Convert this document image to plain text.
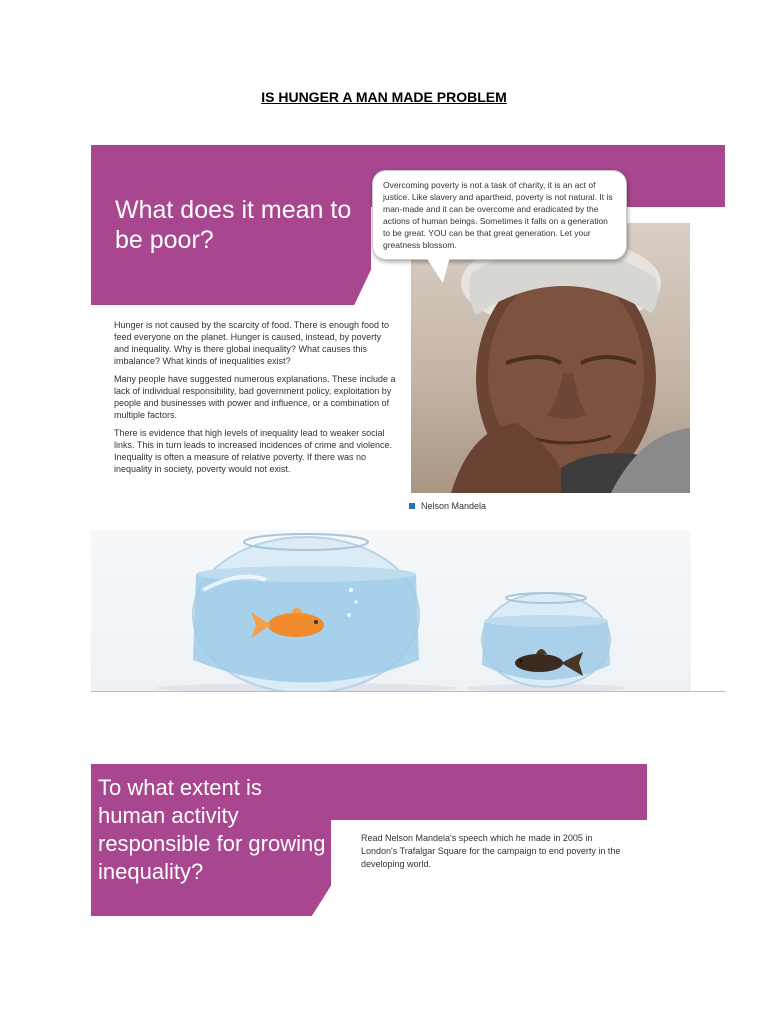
IS HUNGER A MAN MADE PROBLEM
What does it mean to be poor?
Overcoming poverty is not a task of charity, it is an act of justice. Like slavery and apartheid, poverty is not natural. It is man-made and it can be overcome and eradicated by the actions of human beings. Sometimes it falls on a generation to be great. YOU can be that great generation. Let your greatness blossom.

Hunger is not caused by the scarcity of food. There is enough food to feed everyone on the planet. Hunger is caused, instead, by poverty and inequality. Why is there global inequality? What causes this imbalance? What kinds of inequalities exist?

Many people have suggested numerous explanations. These include a lack of individual responsibility, bad government policy, exploitation by people and businesses with power and influence, or a combination of multiple factors.

There is evidence that high levels of inequality lead to weaker social links. This in turn leads to increased incidences of crime and violence. Inequality is often a measure of relative poverty. If there was no inequality in society, poverty would not exist.

Nelson Mandela
To what extent is human activity responsible for growing inequality?
Read Nelson Mandela's speech which he made in 2005 in London's Trafalgar Square for the campaign to end poverty in the developing world.
